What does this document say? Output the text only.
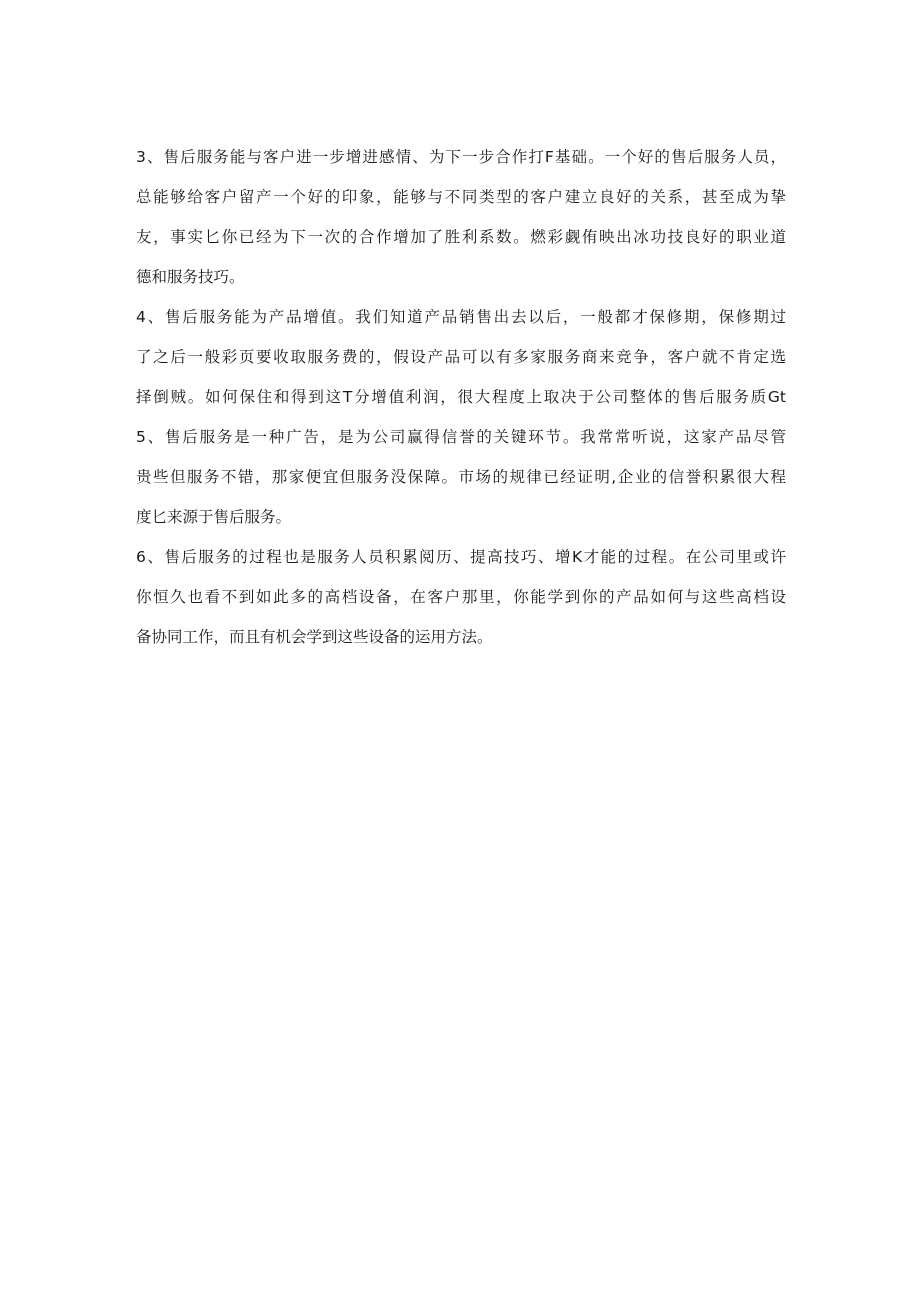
3、售后服务能与客户进一步增进感情、为下一步合作打F基础。一个好的售后服务人员，
总能够给客户留产一个好的印象，能够与不同类型的客户建立良好的关系，甚至成为挚
友，事实匕你已经为下一次的合作增加了胜利系数。燃彩觑侑映出冰功技良好的职业道
德和服务技巧。
4、售后服务能为产品增值。我们知道产品销售出去以后，一般都才保修期，保修期过
了之后一般彩页要收取服务费的，假设产品可以有多家服务商来竞争，客户就不肯定选
择倒贼。如何保住和得到这T分增值利润，很大程度上取决于公司整体的售后服务质Gt
5、售后服务是一种广告，是为公司赢得信誉的关键环节。我常常听说，这家产品尽管
贵些但服务不错，那家便宜但服务没保障。市场的规律已经证明,企业的信誉积累很大程
度匕来源于售后服务。
6、售后服务的过程也是服务人员积累阅历、提高技巧、增K才能的过程。在公司里或许
你恒久也看不到如此多的高档设备，在客户那里，你能学到你的产品如何与这些高档设
备协同工作，而且有机会学到这些设备的运用方法。
